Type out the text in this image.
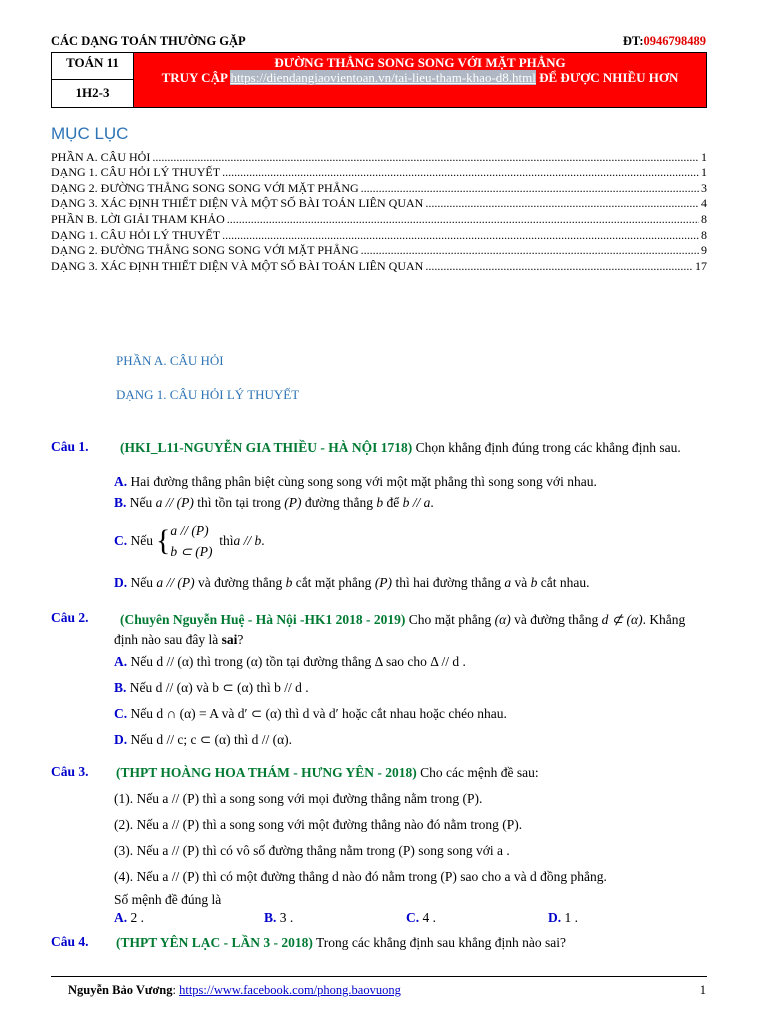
CÁC DẠNG TOÁN THƯỜNG GẶP	ĐT:0946798489
TOÁN 11
1H2-3
ĐƯỜNG THẲNG SONG SONG VỚI MẶT PHẲNG
TRUY CẬP https://diendangiaovientoan.vn/tai-lieu-tham-khao-d8.html ĐỂ ĐƯỢC NHIỀU HƠN
MỤC LỤC
PHẦN A. CÂU HỎI .....	1
DẠNG 1. CÂU HỎI LÝ THUYẾT .....	1
DẠNG 2. ĐƯỜNG THẲNG SONG SONG VỚI MẶT PHẲNG .....	3
DẠNG 3. XÁC ĐỊNH THIẾT DIỆN VÀ MỘT SỐ BÀI TOÁN LIÊN QUAN .....	4
PHẦN B. LỜI GIẢI THAM KHẢO .....	8
DẠNG 1. CÂU HỎI LÝ THUYẾT .....	8
DẠNG 2. ĐƯỜNG THẲNG SONG SONG VỚI MẶT PHẲNG .....	9
DẠNG 3. XÁC ĐỊNH THIẾT DIỆN VÀ MỘT SỐ BÀI TOÁN LIÊN QUAN .....	17
PHẦN A. CÂU HỎI
DẠNG 1. CÂU HỎI LÝ THUYẾT
Câu 1.	(HKI_L11-NGUYỄN GIA THIỀU - HÀ NỘI 1718) Chọn khẳng định đúng trong các khẳng định sau.
A. Hai đường thẳng phân biệt cùng song song với một mặt phẳng thì song song với nhau.
B. Nếu a // (P) thì tồn tại trong (P) đường thẳng b để b // a.
C.
Nếu { a // (P)
b ⊂ (P)

thì a // b .
D. Nếu a // (P) và đường thẳng b cắt mặt phẳng (P) thì hai đường thẳng a và b cắt nhau.
Câu 2.	(Chuyên Nguyễn Huệ - Hà Nội -HK1 2018 - 2019) Cho mặt phẳng (α) và đường thẳng d ⊄ (α). Khẳng định nào sau đây là sai?
A. Nếu d // (α) thì trong (α) tồn tại đường thẳng Δ sao cho Δ // d .
B. Nếu d // (α) và b ⊂ (α) thì b // d .
C. Nếu d ∩ (α) = A và d′ ⊂ (α) thì d và d′ hoặc cắt nhau hoặc chéo nhau.
D. Nếu d // c; c ⊂ (α) thì d // (α).
Câu 3. (THPT HOÀNG HOA THÁM - HƯNG YÊN - 2018) Cho các mệnh đề sau:
(1). Nếu a // (P) thì a song song với mọi đường thẳng nằm trong (P).
(2). Nếu a // (P) thì a song song với một đường thẳng nào đó nằm trong (P).
(3). Nếu a // (P) thì có vô số đường thẳng nằm trong (P) song song với a .
(4). Nếu a // (P) thì có một đường thẳng d nào đó nằm trong (P) sao cho a và d đồng phẳng.
Số mệnh đề đúng là
A. 2 .	B. 3 .	C. 4 .	D. 1 .
Câu 4. (THPT YÊN LẠC - LẦN 3 - 2018) Trong các khẳng định sau khẳng định nào sai?
Nguyễn Bảo Vương: https://www.facebook.com/phong.baovuong	1
